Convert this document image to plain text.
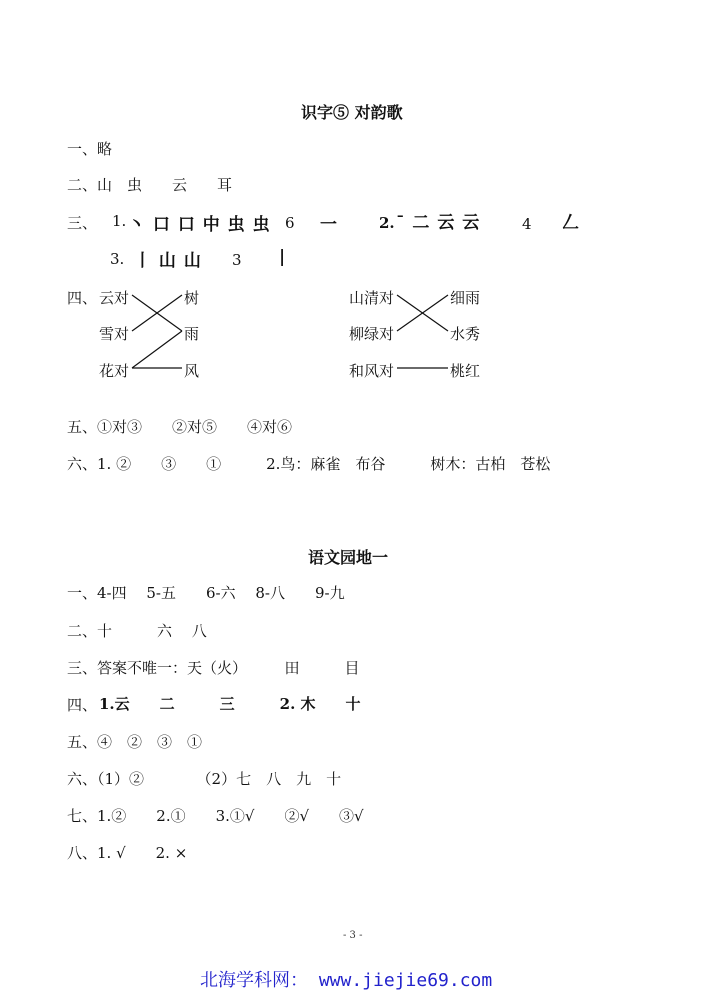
识字⑤ 对韵歌
一、略
二、山　虫　　云　　耳
三、 1. 丶 口 口 中 虫 虫 6 一	2. ˉ 二 云 云	4 𠃋
3. 丨 山 山 3 |
四、 云对
雪对
花对
树
雨
风
山清对
柳绿对
和风对
细雨
水秀
桃红
五、①对③　　②对⑤　　④对⑥
六、1. ②　　③　　①　　　2.鸟：麻雀　布谷　　　树木：古柏　苍松
语文园地一
一、4-四　 5-五　　6-六　 8-八　　9-九
二、十　　　六　 八
三、答案不唯一：天（火）　　　田　　　目
四、 1.云　　二　　　三　　　2. 木　　十
五、④　②　③　①
六、（1）②　　　　（2）七　八　九　十
七、1.②　　2.①　　3.①√　　②√　　③√
八、1. √　　2. ×
- 3 -
北海学科网： www.jiejie69.com
